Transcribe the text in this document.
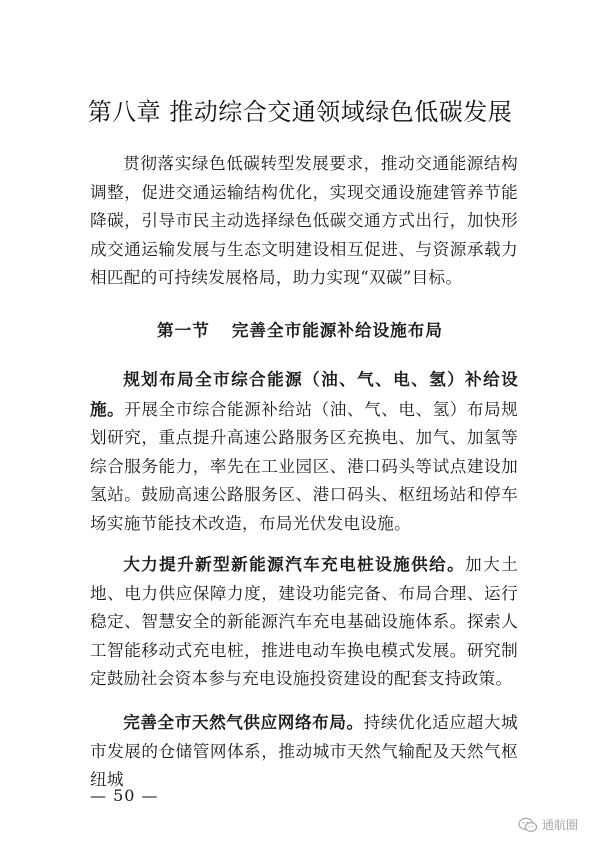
第八章 推动综合交通领域绿色低碳发展

贯彻落实绿色低碳转型发展要求，推动交通能源结构调整，促进交通运输结构优化，实现交通设施建管养节能降碳，引导市民主动选择绿色低碳交通方式出行，加快形成交通运输发展与生态文明建设相互促进、与资源承载力相匹配的可持续发展格局，助力实现“双碳”目标。

第一节 完善全市能源补给设施布局

规划布局全市综合能源（油、气、电、氢）补给设施。开展全市综合能源补给站（油、气、电、氢）布局规划研究，重点提升高速公路服务区充换电、加气、加氢等综合服务能力，率先在工业园区、港口码头等试点建设加氢站。鼓励高速公路服务区、港口码头、枢纽场站和停车场实施节能技术改造，布局光伏发电设施。

大力提升新型新能源汽车充电桩设施供给。加大土地、电力供应保障力度，建设功能完备、布局合理、运行稳定、智慧安全的新能源汽车充电基础设施体系。探索人工智能移动式充电桩，推进电动车换电模式发展。研究制定鼓励社会资本参与充电设施投资建设的配套支持政策。

完善全市天然气供应网络布局。持续优化适应超大城市发展的仓储管网体系，推动城市天然气输配及天然气枢纽城

— 50 —
通航圈
